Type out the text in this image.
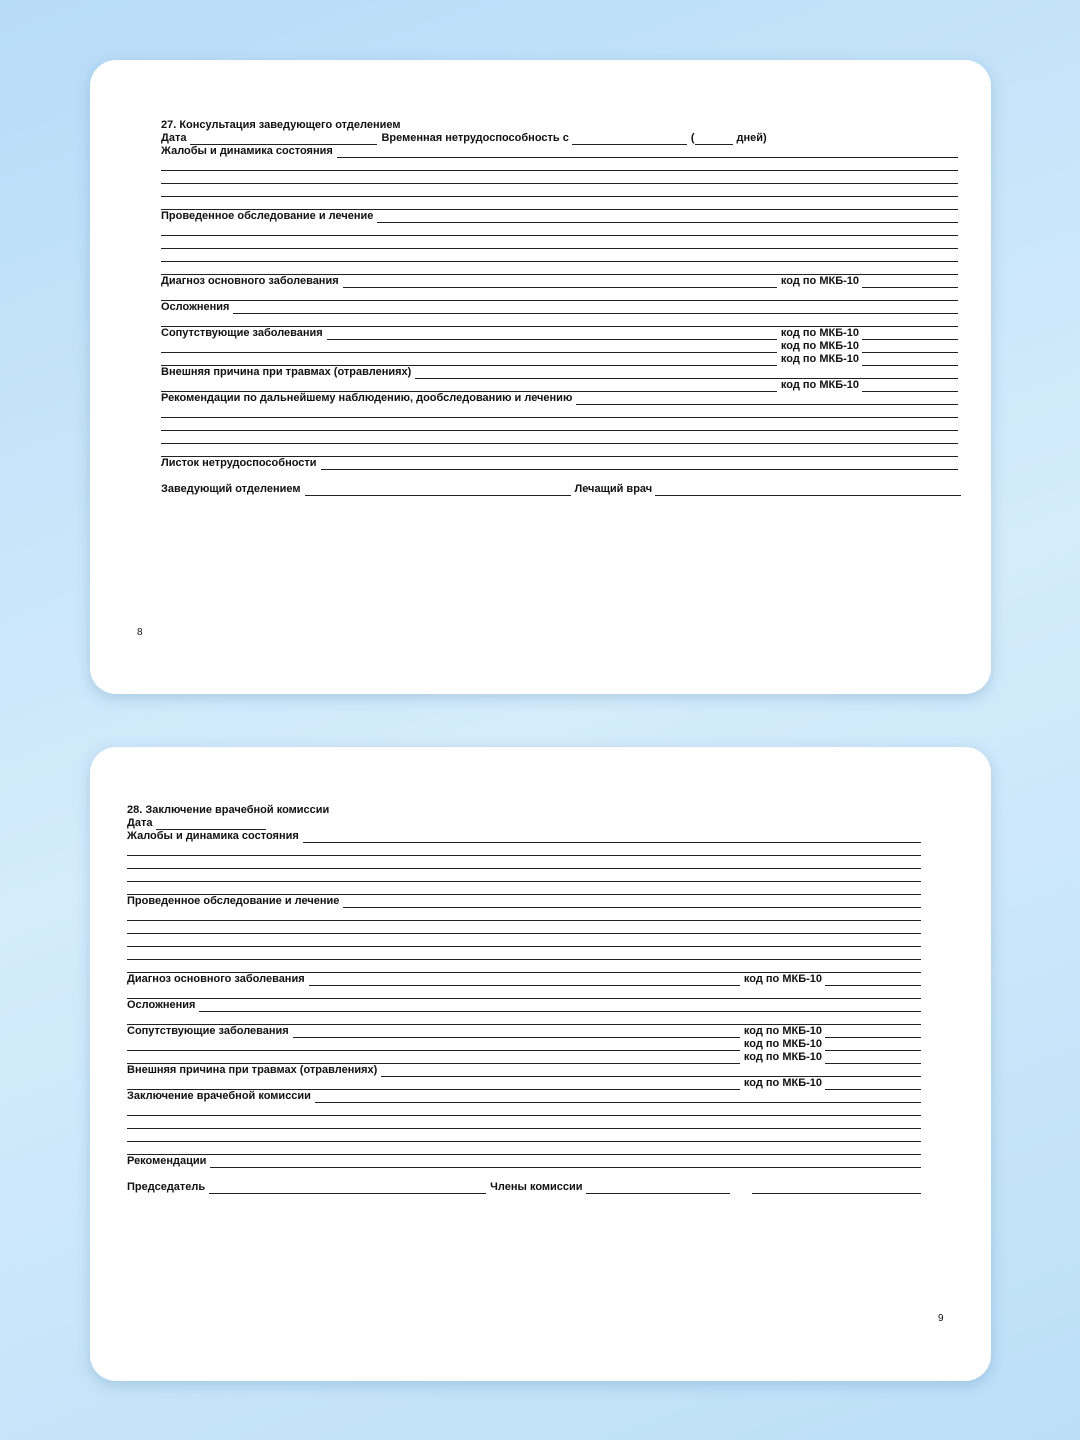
27. Консультация заведующего отделением
Дата	Временная нетрудоспособность с	(	дней)
Жалобы и динамика состояния
Проведенное обследование и лечение
Диагноз основного заболевания	код по МКБ-10
Осложнения
Сопутствующие заболевания	код по МКБ-10
код по МКБ-10
код по МКБ-10
Внешняя причина при травмах (отравлениях)
код по МКБ-10
Рекомендации по дальнейшему наблюдению, дообследованию и лечению
Листок нетрудоспособности
Заведующий отделением	Лечащий врач
8
28. Заключение врачебной комиссии
Дата
Жалобы и динамика состояния
Проведенное обследование и лечение
Диагноз основного заболевания	код по МКБ-10
Осложнения
Сопутствующие заболевания	код по МКБ-10
код по МКБ-10
код по МКБ-10
Внешняя причина при травмах (отравлениях)
код по МКБ-10
Заключение врачебной комиссии
Рекомендации
Председатель	Члены комиссии
9
